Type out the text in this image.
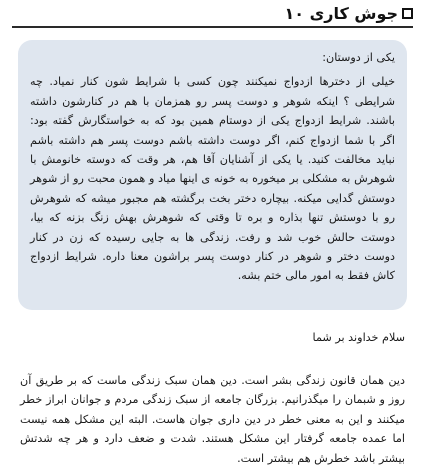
جوش کاری ۱۰

یکی از دوستان:

خیلی از دخترها ازدواج نمیکنند چون کسی با شرایط شون کنار نمیاد. چه شرایطی ؟ اینکه شوهر و دوست پسر رو همزمان با هم در کنارشون داشته باشند. شرایط ازدواج یکی از دوستام همین بود که به خواستگارش گفته بود: اگر با شما ازدواج کنم، اگر دوست داشته باشم دوست پسر هم داشته باشم نباید مخالفت کنید. یا یکی از آشنایان آقا هم، هر وقت که دوسته خانومش با شوهرش به مشکلی بر میخوره به خونه ی اینها میاد و همون محبت رو از شوهر دوستش گدایی میکنه. بیچاره دختر بخت برگشته هم مجبور میشه که شوهرش رو با دوستش تنها بذاره و بره تا وقتی که شوهرش بهش زنگ بزنه که بیا، دوستت حالش خوب شد و رفت. زندگی ها به جایی رسیده که زن در کنار دوست دختر و شوهر در کنار دوست پسر براشون معنا داره. شرایط ازدواج کاش فقط به امور مالی ختم بشه.

سلام خداوند بر شما

دین همان قانون زندگی بشر است. دین همان سبک زندگی ماست که بر طریق آن روز و شبمان را میگذرانیم. بزرگان جامعه از سبک زندگی مردم و جوانان ابراز خطر میکنند و این به معنی خطر در دین داری جوان هاست. البته این مشکل همه نیست اما عمده جامعه گرفتار این مشکل هستند. شدت و ضعف دارد و هر چه شدتش بیشتر باشد خطرش هم بیشتر است.
